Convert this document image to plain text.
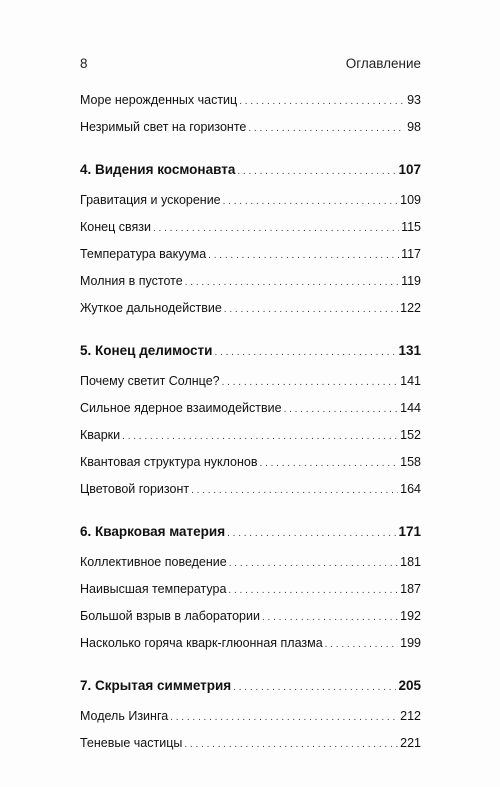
8	Оглавление
Море нерожденных частиц . . .	93
Незримый свет на горизонте . . .	98
4. Видения космонавта . . .	107
Гравитация и ускорение . . .	109
Конец связи . . .	115
Температура вакуума . . .	117
Молния в пустоте . . .	119
Жуткое дальнодействие . . .	122
5. Конец делимости . . .	131
Почему светит Солнце? . . .	141
Сильное ядерное взаимодействие . . .	144
Кварки . . .	152
Квантовая структура нуклонов . . .	158
Цветовой горизонт . . .	164
6. Кварковая материя . . .	171
Коллективное поведение . . .	181
Наивысшая температура . . .	187
Большой взрыв в лаборатории . . .	192
Насколько горяча кварк-глюонная плазма . . .	199
7. Скрытая симметрия . . .	205
Модель Изинга . . .	212
Теневые частицы . . .	221
